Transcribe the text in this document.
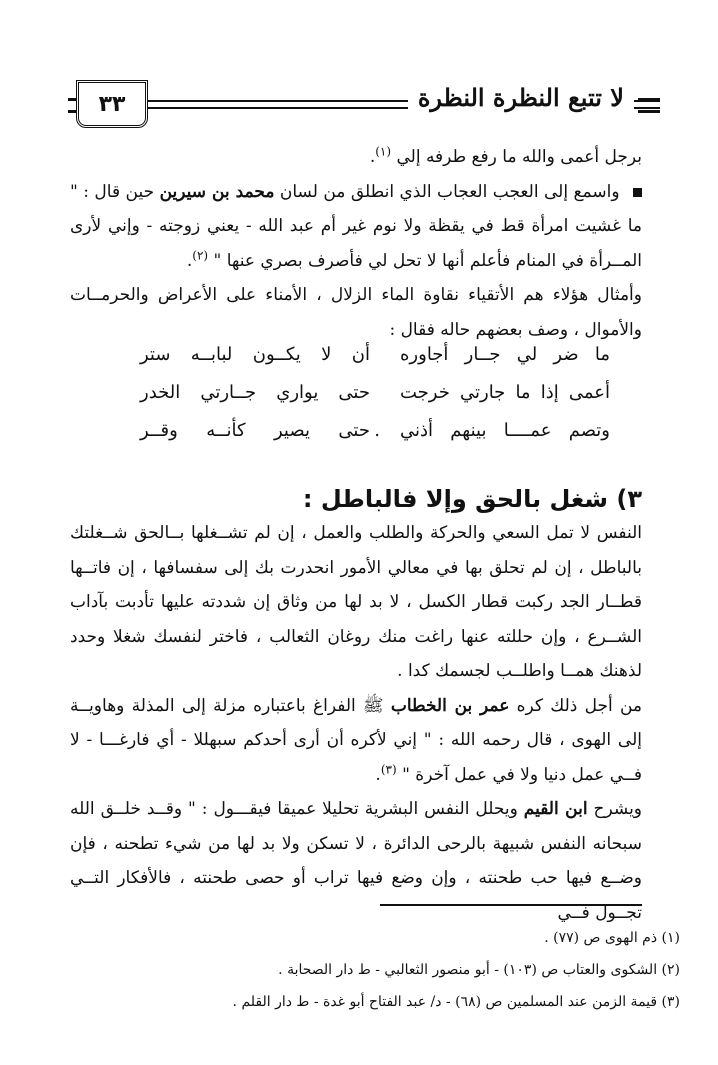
لا تتبع النظرة النظرة
٣٣

برجل أعمى والله ما رفع طرفه إلي $^{(١)}$.

واسمع إلى العجب العجاب الذي انطلق من لسان محمد بن سيرين حين قال : " ما غشيت امرأة قط في يقظة ولا نوم غير أم عبد الله - يعني زوجته - وإني لأرى المــرأة في المنام فأعلم أنها لا تحل لي فأصرف بصري عنها " $^{(٢)}$.

وأمثال هؤلاء هم الأتقياء نقاوة الماء الزلال ، الأمناء على الأعراض والحرمــات والأموال ، وصف بعضهم حاله فقال :

ما ضر لي جــار أجاوره
أن لا يكــون لبابــه ستر
أعمى إذا ما جارتي خرجت
حتى يواري جــارتي الخدر
وتصم عمــــا بينهم أذني
.
حتى يصير كأنــه وقــر
٣) شغل بالحق وإلا فالباطل :

النفس لا تمل السعي والحركة والطلب والعمل ، إن لم تشــغلها بــالحق شــغلتك بالباطل ، إن لم تحلق بها في معالي الأمور انحدرت بك إلى سفسافها ، إن فاتــها قطــار الجد ركبت قطار الكسل ، لا بد لها من وثاق إن شددته عليها تأدبت بآداب الشــرع ، وإن حللته عنها راغت منك روغان الثعالب ، فاختر لنفسك شغلا وحدد لذهنك همــا واطلــب لجسمك كدا .

من أجل ذلك كره عمر بن الخطاب ﷺ الفراغ باعتباره مزلة إلى المذلة وهاويــة إلى الهوى ، قال رحمه الله : " إني لأكره أن أرى أحدكم سبهللا - أي فارغـــا - لا فــي عمل دنيا ولا في عمل آخرة " $^{(٣)}$.

ويشرح ابن القيم ويحلل النفس البشرية تحليلا عميقا فيقـــول : " وقــد خلــق الله سبحانه النفس شبيهة بالرحى الدائرة ، لا تسكن ولا بد لها من شيء تطحنه ، فإن وضــع فيها حب طحنته ، وإن وضع فيها تراب أو حصى طحنته ، فالأفكار التــي تجــول فــي

(١) ذم الهوى ص (٧٧) .
(٢) الشكوى والعتاب ص (١٠٣) - أبو منصور الثعالبي - ط دار الصحابة .
(٣) قيمة الزمن عند المسلمين ص (٦٨) - د/ عبد الفتاح أبو غدة - ط دار القلم .
